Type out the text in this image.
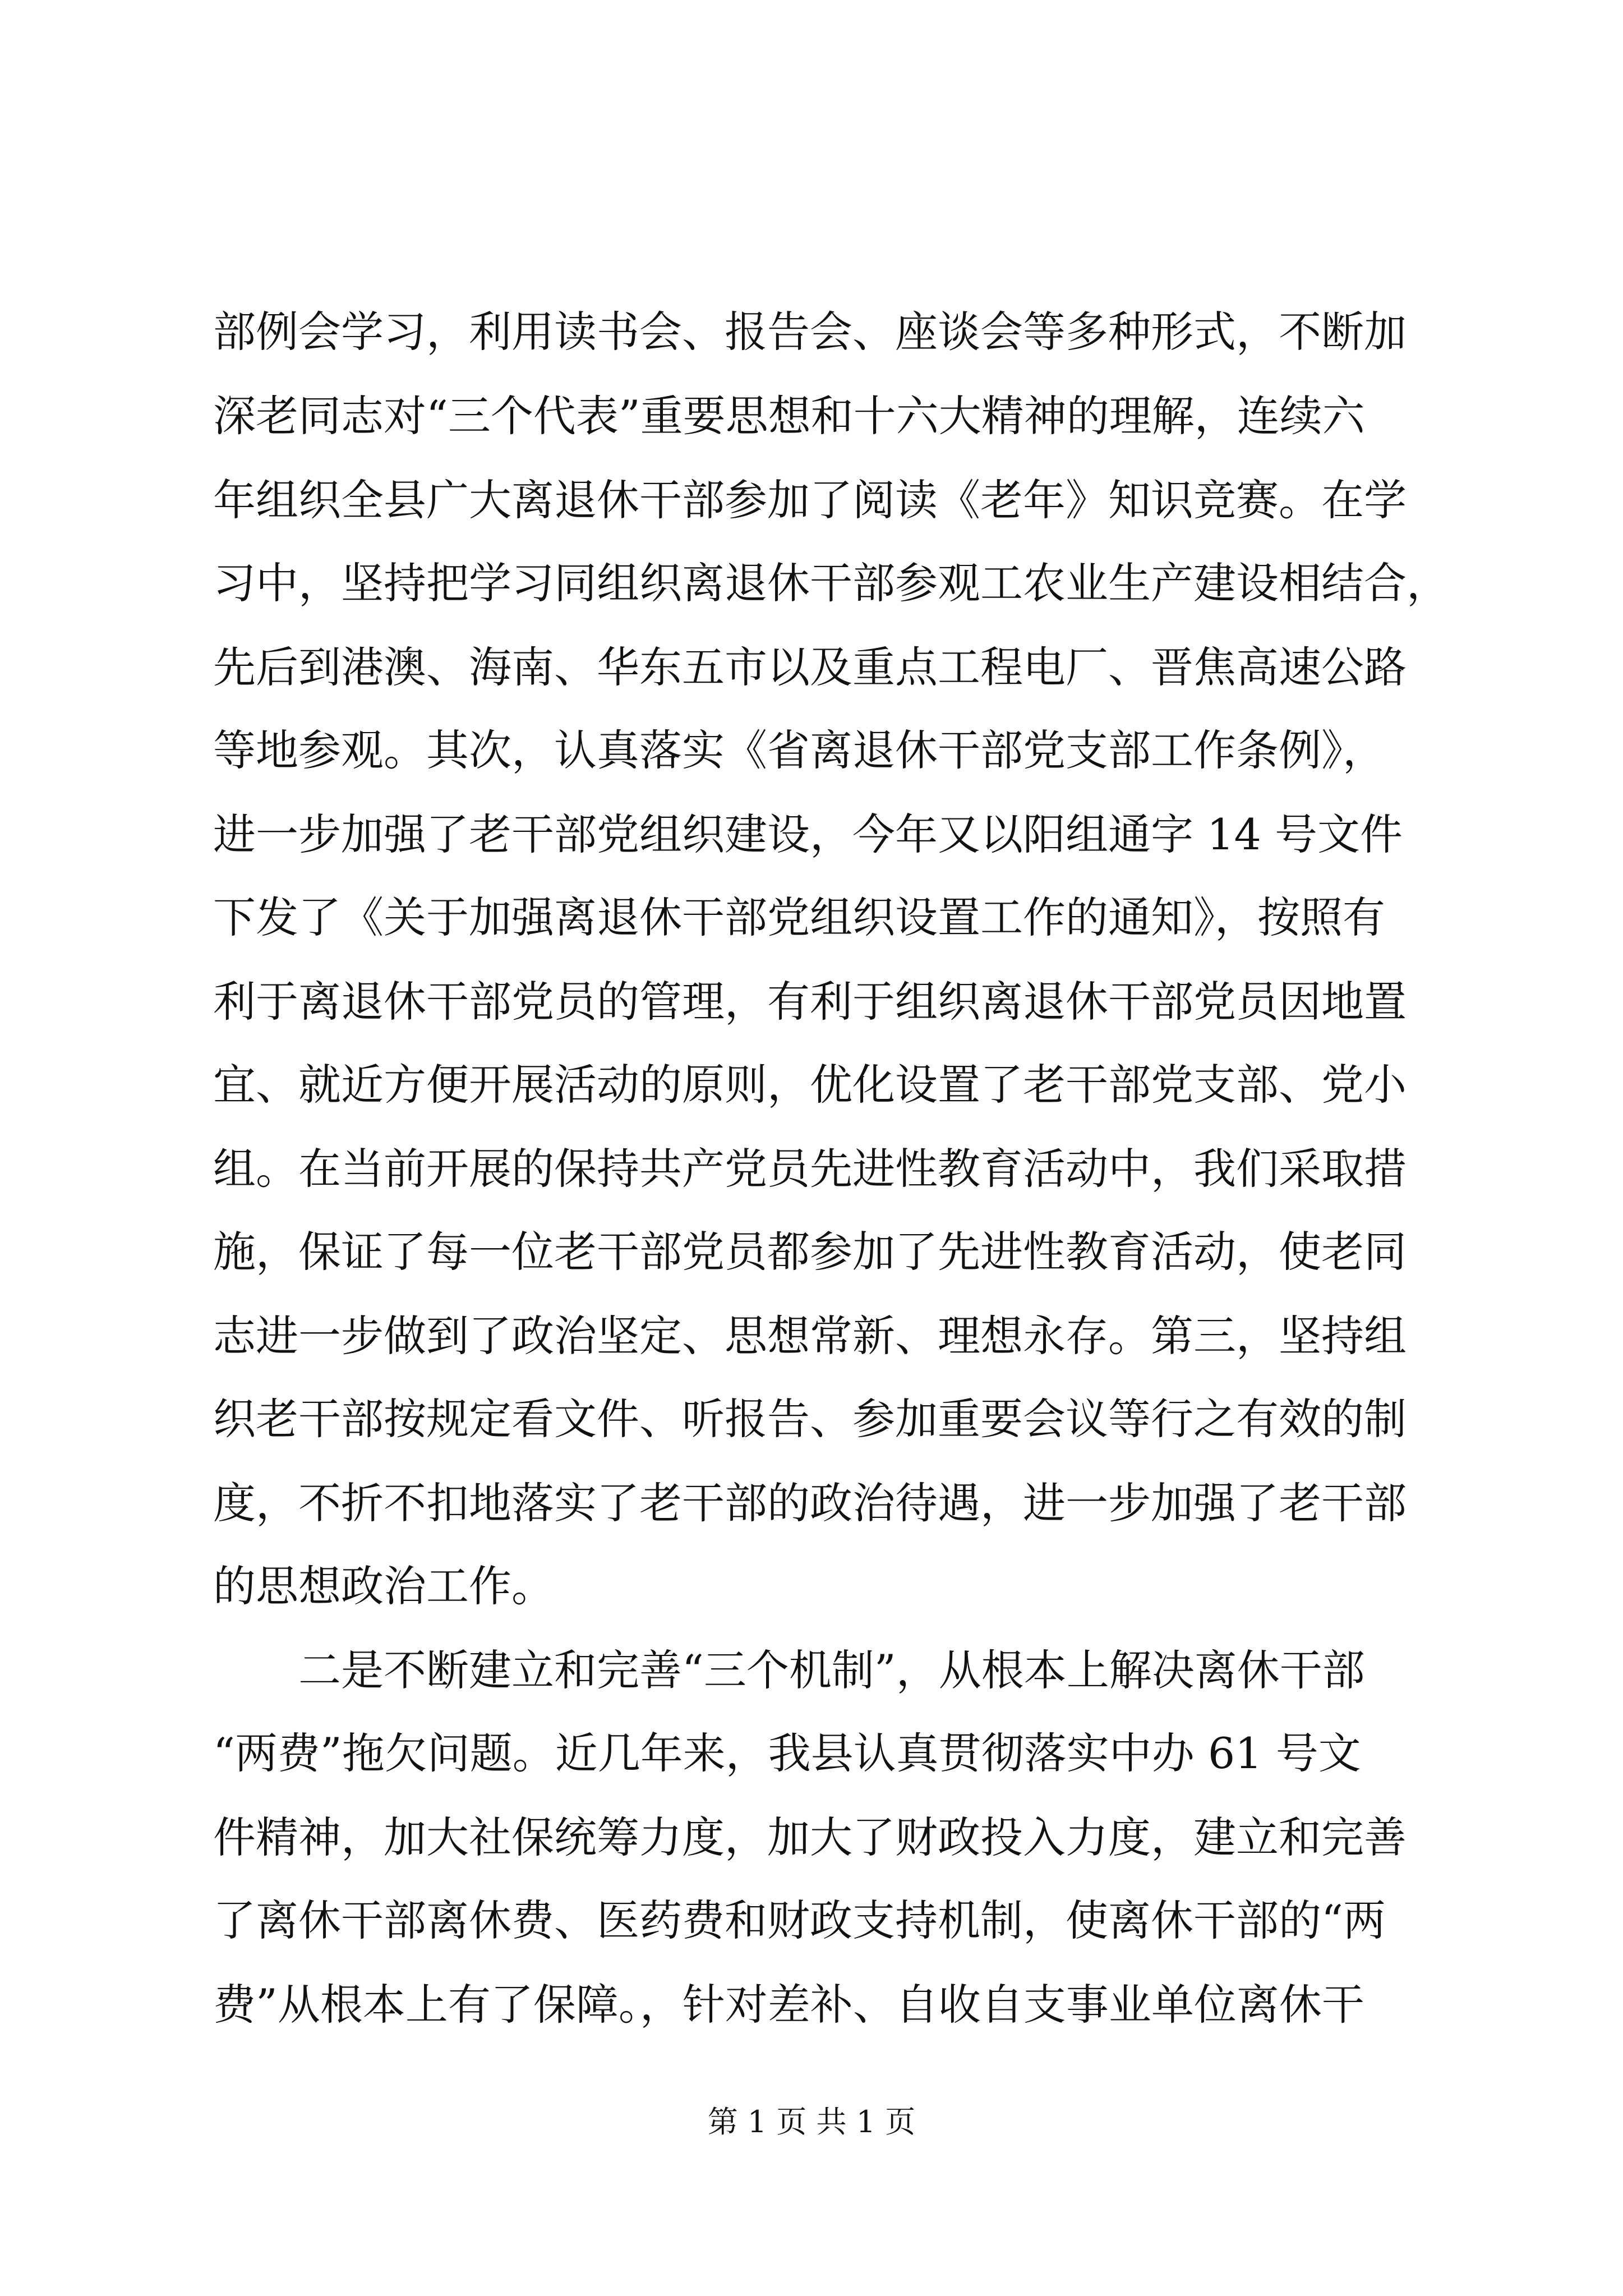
部例会学习，利用读书会、报告会、座谈会等多种形式，不断加
深老同志对“三个代表”重要思想和十六大精神的理解，连续六
年组织全县广大离退休干部参加了阅读《老年》知识竞赛。在学
习中，坚持把学习同组织离退休干部参观工农业生产建设相结合，
先后到港澳、海南、华东五市以及重点工程电厂、晋焦高速公路
等地参观。其次，认真落实《省离退休干部党支部工作条例》，
进一步加强了老干部党组织建设，今年又以阳组通字 14 号文件
下发了《关于加强离退休干部党组织设置工作的通知》，按照有
利于离退休干部党员的管理，有利于组织离退休干部党员因地置
宜、就近方便开展活动的原则，优化设置了老干部党支部、党小
组。在当前开展的保持共产党员先进性教育活动中，我们采取措
施，保证了每一位老干部党员都参加了先进性教育活动，使老同
志进一步做到了政治坚定、思想常新、理想永存。第三，坚持组
织老干部按规定看文件、听报告、参加重要会议等行之有效的制
度，不折不扣地落实了老干部的政治待遇，进一步加强了老干部
的思想政治工作。
二是不断建立和完善“三个机制”，从根本上解决离休干部
“两费”拖欠问题。近几年来，我县认真贯彻落实中办 61 号文
件精神，加大社保统筹力度，加大了财政投入力度，建立和完善
了离休干部离休费、医药费和财政支持机制，使离休干部的“两
费”从根本上有了保障。，针对差补、自收自支事业单位离休干
第 1 页 共 1 页
